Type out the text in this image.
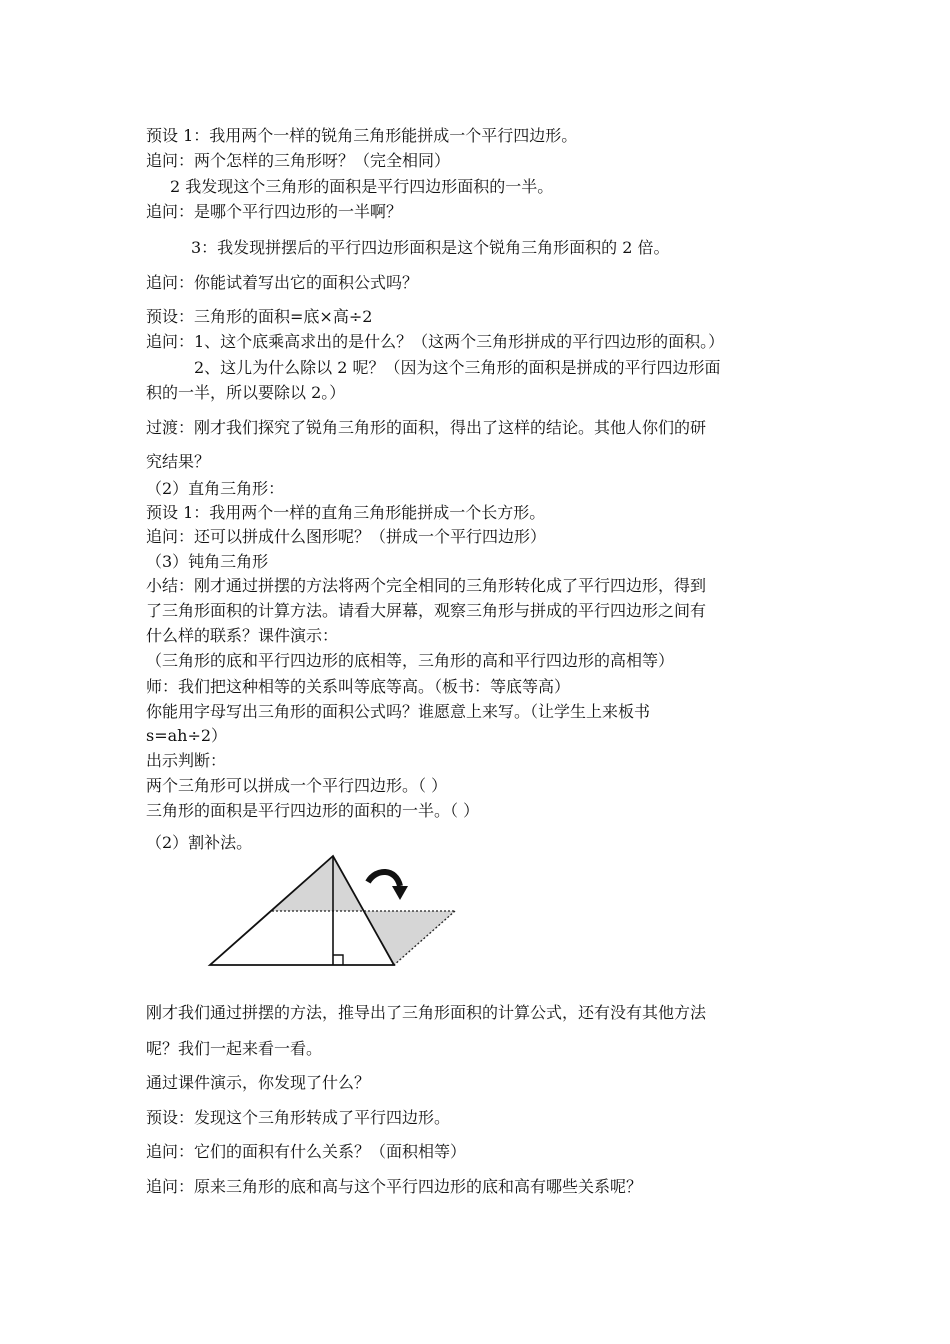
预设 1：我用两个一样的锐角三角形能拼成一个平行四边形。
追问：两个怎样的三角形呀？（完全相同）
2 我发现这个三角形的面积是平行四边形面积的一半。
追问：是哪个平行四边形的一半啊？
3：我发现拼摆后的平行四边形面积是这个锐角三角形面积的 2 倍。
追问：你能试着写出它的面积公式吗？
预设：三角形的面积=底×高÷2
追问：1、这个底乘高求出的是什么？（这两个三角形拼成的平行四边形的面积。）
2、这儿为什么除以 2 呢？（因为这个三角形的面积是拼成的平行四边形面
积的一半，所以要除以 2。）
过渡：刚才我们探究了锐角三角形的面积，得出了这样的结论。其他人你们的研
究结果？
（2）直角三角形：
预设 1：我用两个一样的直角三角形能拼成一个长方形。
追问：还可以拼成什么图形呢？（拼成一个平行四边形）
（3）钝角三角形
小结：刚才通过拼摆的方法将两个完全相同的三角形转化成了平行四边形，得到
了三角形面积的计算方法。请看大屏幕，观察三角形与拼成的平行四边形之间有
什么样的联系？课件演示：
（三角形的底和平行四边形的底相等，三角形的高和平行四边形的高相等）
师：我们把这种相等的关系叫等底等高。（板书：等底等高）
你能用字母写出三角形的面积公式吗？谁愿意上来写。（让学生上来板书
s=ah÷2）
出示判断：
两个三角形可以拼成一个平行四边形。（ ）
三角形的面积是平行四边形的面积的一半。（ ）
（2）割补法。
刚才我们通过拼摆的方法，推导出了三角形面积的计算公式，还有没有其他方法
呢？我们一起来看一看。
通过课件演示，你发现了什么？
预设：发现这个三角形转成了平行四边形。
追问：它们的面积有什么关系？（面积相等）
追问：原来三角形的底和高与这个平行四边形的底和高有哪些关系呢？
